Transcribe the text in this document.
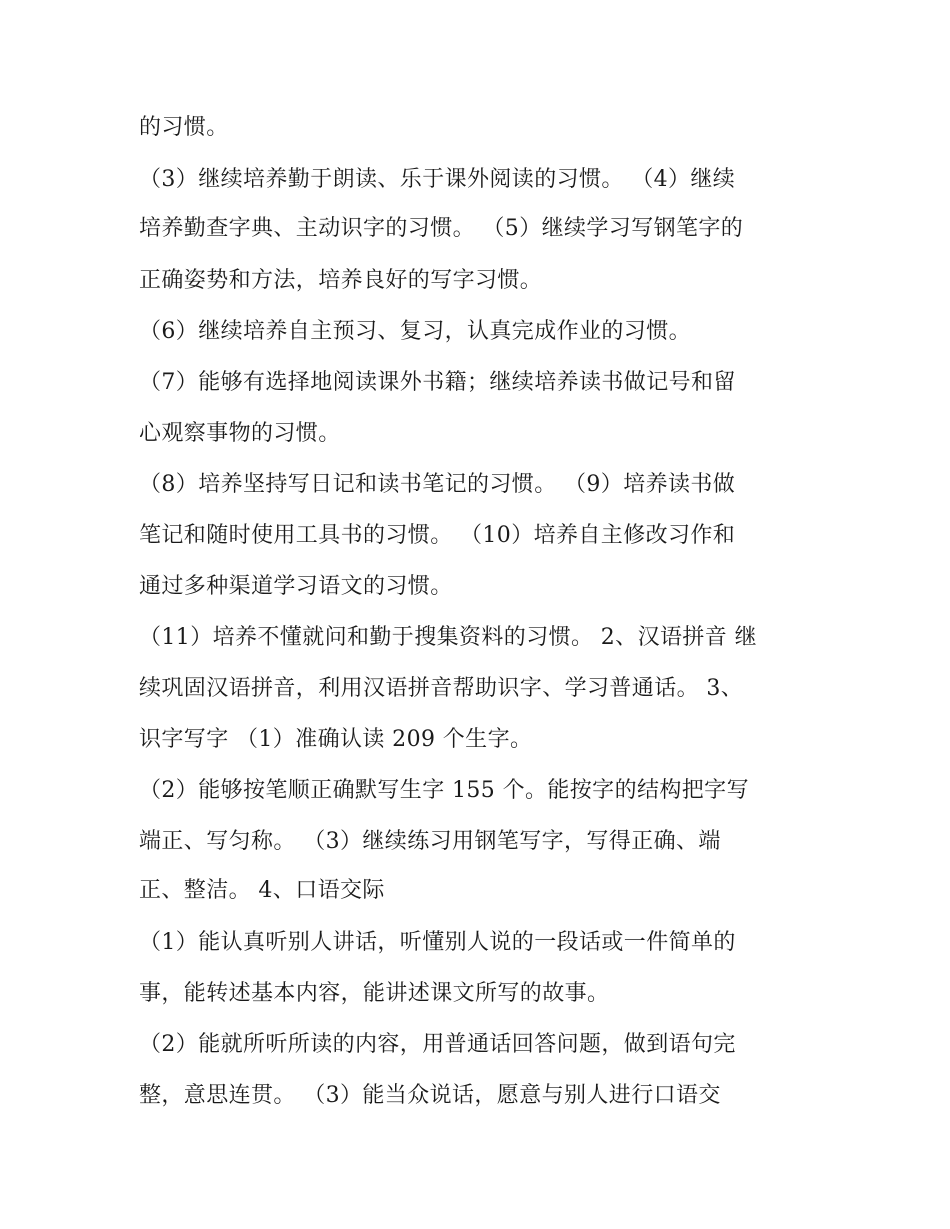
的习惯。
（3）继续培养勤于朗读、乐于课外阅读的习惯。 （4）继续
培养勤查字典、主动识字的习惯。 （5）继续学习写钢笔字的
正确姿势和方法，培养良好的写字习惯。
（6）继续培养自主预习、复习，认真完成作业的习惯。
（7）能够有选择地阅读课外书籍；继续培养读书做记号和留
心观察事物的习惯。
（8）培养坚持写日记和读书笔记的习惯。 （9）培养读书做
笔记和随时使用工具书的习惯。 （10）培养自主修改习作和
通过多种渠道学习语文的习惯。
（11）培养不懂就问和勤于搜集资料的习惯。 2、汉语拼音 继
续巩固汉语拼音，利用汉语拼音帮助识字、学习普通话。 3、
识字写字 （1）准确认读 209 个生字。
（2）能够按笔顺正确默写生字 155 个。能按字的结构把字写
端正、写匀称。 （3）继续练习用钢笔写字，写得正确、端
正、整洁。 4、口语交际
（1）能认真听别人讲话，听懂别人说的一段话或一件简单的
事，能转述基本内容，能讲述课文所写的故事。
（2）能就所听所读的内容，用普通话回答问题，做到语句完
整，意思连贯。 （3）能当众说话，愿意与别人进行口语交
